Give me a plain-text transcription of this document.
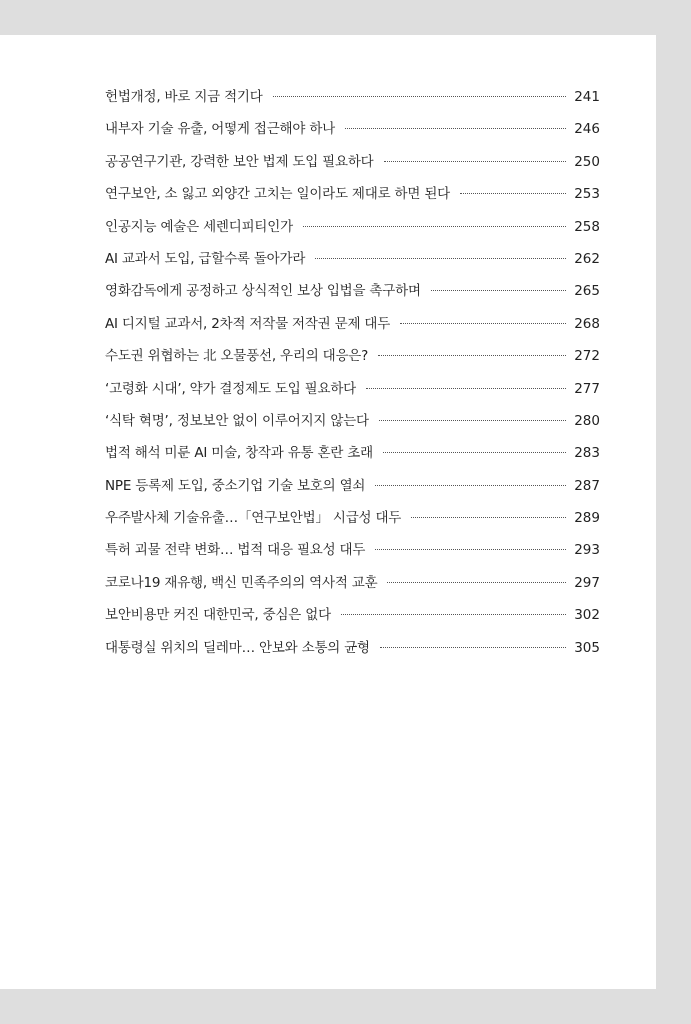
헌법개정, 바로 지금 적기다	241
내부자 기술 유출, 어떻게 접근해야 하나	246
공공연구기관, 강력한 보안 법제 도입 필요하다	250
연구보안, 소 잃고 외양간 고치는 일이라도 제대로 하면 된다	253
인공지능 예술은 세렌디피티인가	258
AI 교과서 도입, 급할수록 돌아가라	262
영화감독에게 공정하고 상식적인 보상 입법을 촉구하며	265
AI 디지털 교과서, 2차적 저작물 저작권 문제 대두	268
수도권 위협하는 北 오물풍선, 우리의 대응은?	272
‘고령화 시대’, 약가 결정제도 도입 필요하다	277
‘식탁 혁명’, 정보보안 없이 이루어지지 않는다	280
법적 해석 미룬 AI 미술, 창작과 유통 혼란 초래	283
NPE 등록제 도입, 중소기업 기술 보호의 열쇠	287
우주발사체 기술유출…「연구보안법」 시급성 대두	289
특허 괴물 전략 변화… 법적 대응 필요성 대두	293
코로나19 재유행, 백신 민족주의의 역사적 교훈	297
보안비용만 커진 대한민국, 중심은 없다	302
대통령실 위치의 딜레마… 안보와 소통의 균형	305
